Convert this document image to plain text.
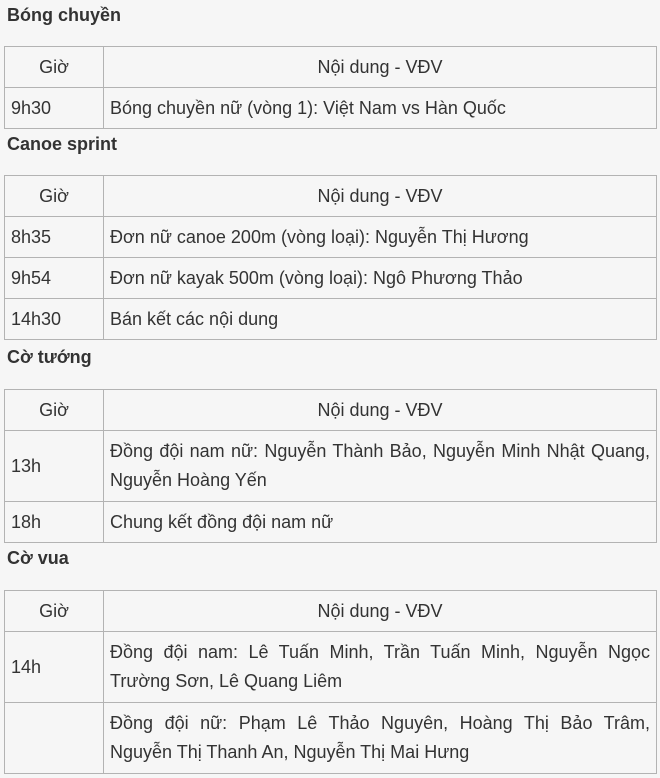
Bóng chuyền
Giờ	Nội dung - VĐV
9h30	Bóng chuyền nữ (vòng 1): Việt Nam vs Hàn Quốc
Canoe sprint
Giờ	Nội dung - VĐV
8h35	Đơn nữ canoe 200m (vòng loại): Nguyễn Thị Hương
9h54	Đơn nữ kayak 500m (vòng loại): Ngô Phương Thảo
14h30	Bán kết các nội dung
Cờ tướng
Giờ	Nội dung - VĐV
13h	Đồng đội nam nữ: Nguyễn Thành Bảo, Nguyễn Minh Nhật Quang, Nguyễn Hoàng Yến
18h	Chung kết đồng đội nam nữ
Cờ vua
Giờ	Nội dung - VĐV
14h	Đồng đội nam: Lê Tuấn Minh, Trần Tuấn Minh, Nguyễn Ngọc Trường Sơn, Lê Quang Liêm
	Đồng đội nữ: Phạm Lê Thảo Nguyên, Hoàng Thị Bảo Trâm, Nguyễn Thị Thanh An, Nguyễn Thị Mai Hưng
